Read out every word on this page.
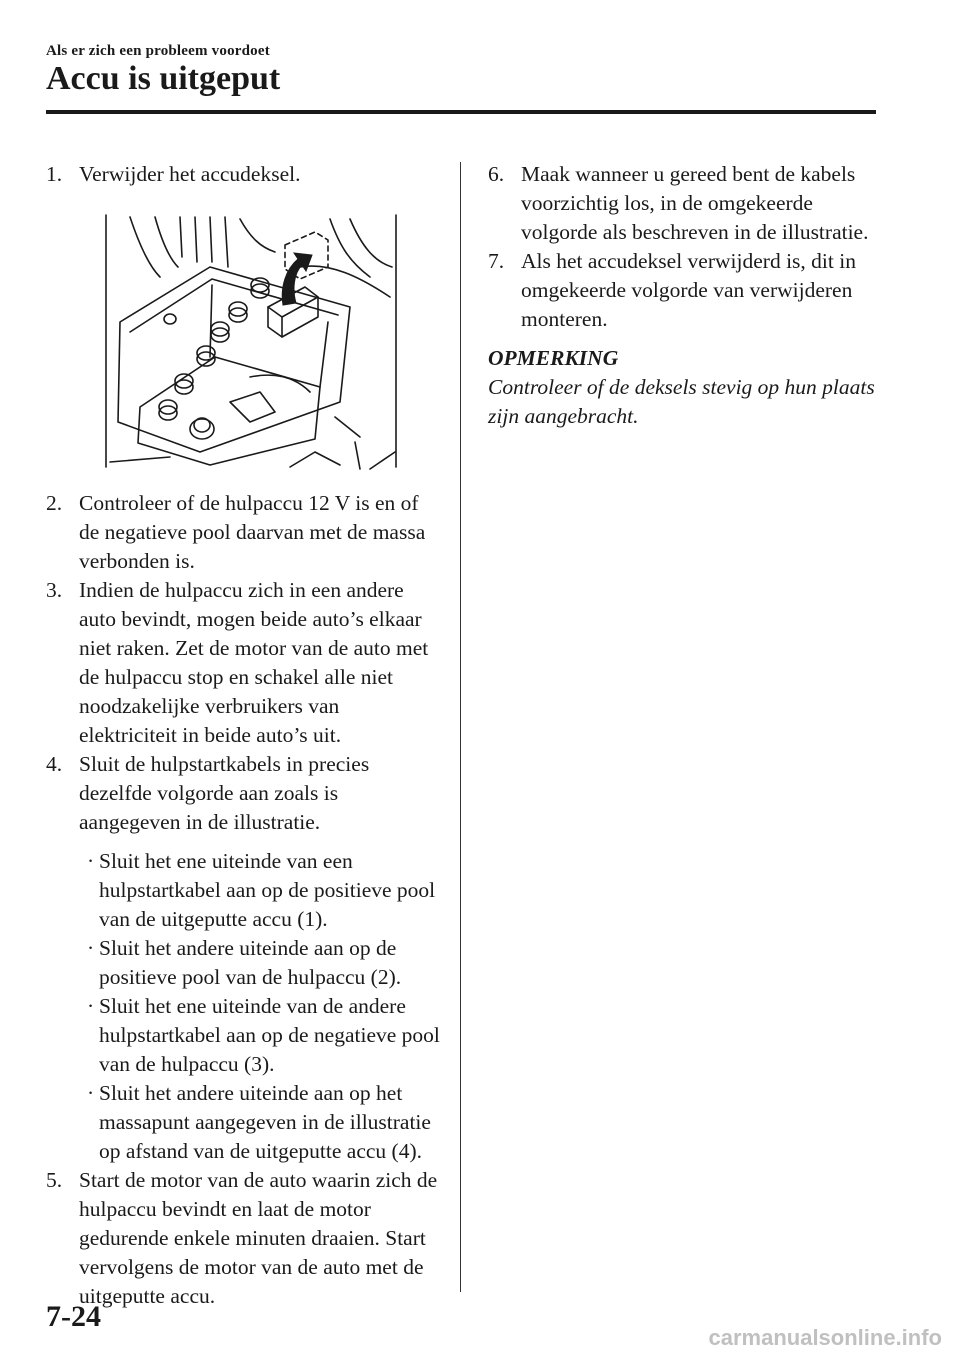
Als er zich een probleem voordoet
Accu is uitgeput
1. Verwijder het accudeksel.
2. Controleer of de hulpaccu 12 V is en of de negatieve pool daarvan met de massa verbonden is.
3. Indien de hulpaccu zich in een andere auto bevindt, mogen beide auto’s elkaar niet raken. Zet de motor van de auto met de hulpaccu stop en schakel alle niet noodzakelijke verbruikers van elektriciteit in beide auto’s uit.
4. Sluit de hulpstartkabels in precies dezelfde volgorde aan zoals is aangegeven in de illustratie.
· Sluit het ene uiteinde van een hulpstartkabel aan op de positieve pool van de uitgeputte accu (1).
· Sluit het andere uiteinde aan op de positieve pool van de hulpaccu (2).
· Sluit het ene uiteinde van de andere hulpstartkabel aan op de negatieve pool van de hulpaccu (3).
· Sluit het andere uiteinde aan op het massapunt aangegeven in de illustratie op afstand van de uitgeputte accu (4).
5. Start de motor van de auto waarin zich de hulpaccu bevindt en laat de motor gedurende enkele minuten draaien. Start vervolgens de motor van de auto met de uitgeputte accu.
6. Maak wanneer u gereed bent de kabels voorzichtig los, in de omgekeerde volgorde als beschreven in de illustratie.
7. Als het accudeksel verwijderd is, dit in omgekeerde volgorde van verwijderen monteren.
OPMERKING
Controleer of de deksels stevig op hun plaats zijn aangebracht.
7-24
carmanualsonline.info
